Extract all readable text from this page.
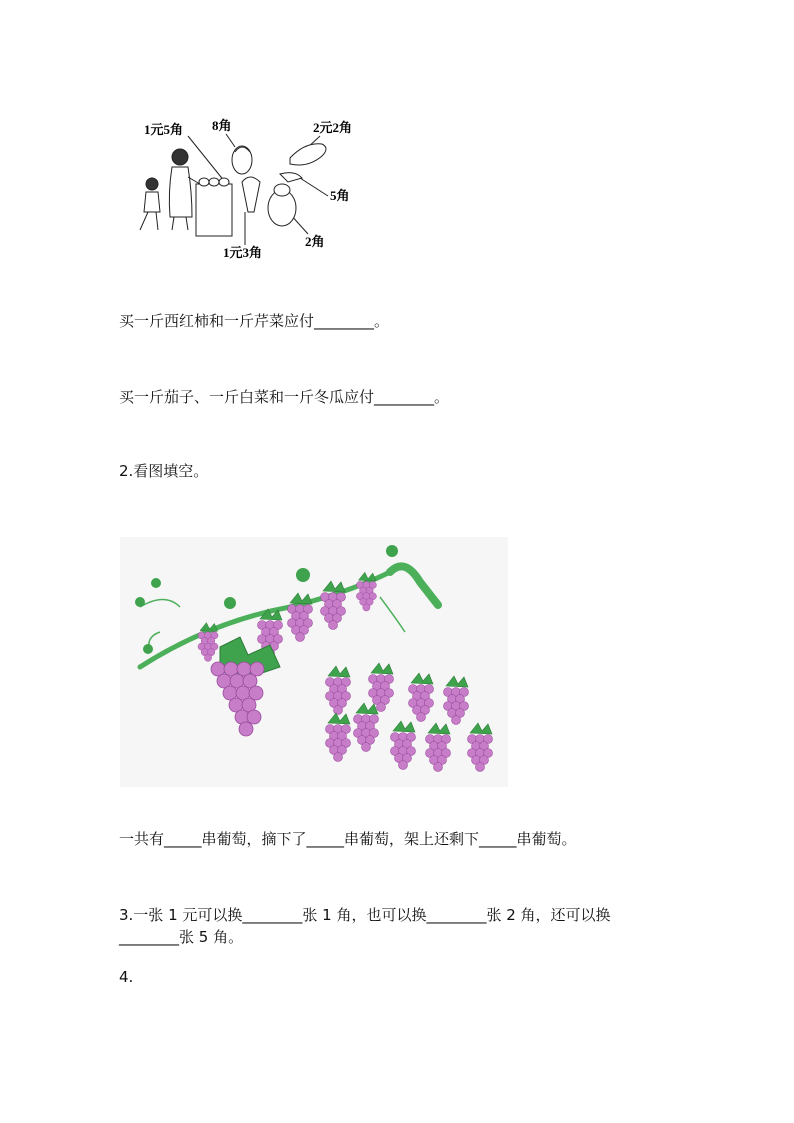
1元5角 8角	2元2角
5角
1元3角
2角
买一斤西红柿和一斤芹菜应付________。
买一斤茄子、一斤白菜和一斤冬瓜应付________。
2.看图填空。
一共有_____串葡萄，摘下了_____串葡萄，架上还剩下_____串葡萄。
3.一张 1 元可以换________张 1 角，也可以换________张 2 角，还可以换
________张 5 角。
4.
